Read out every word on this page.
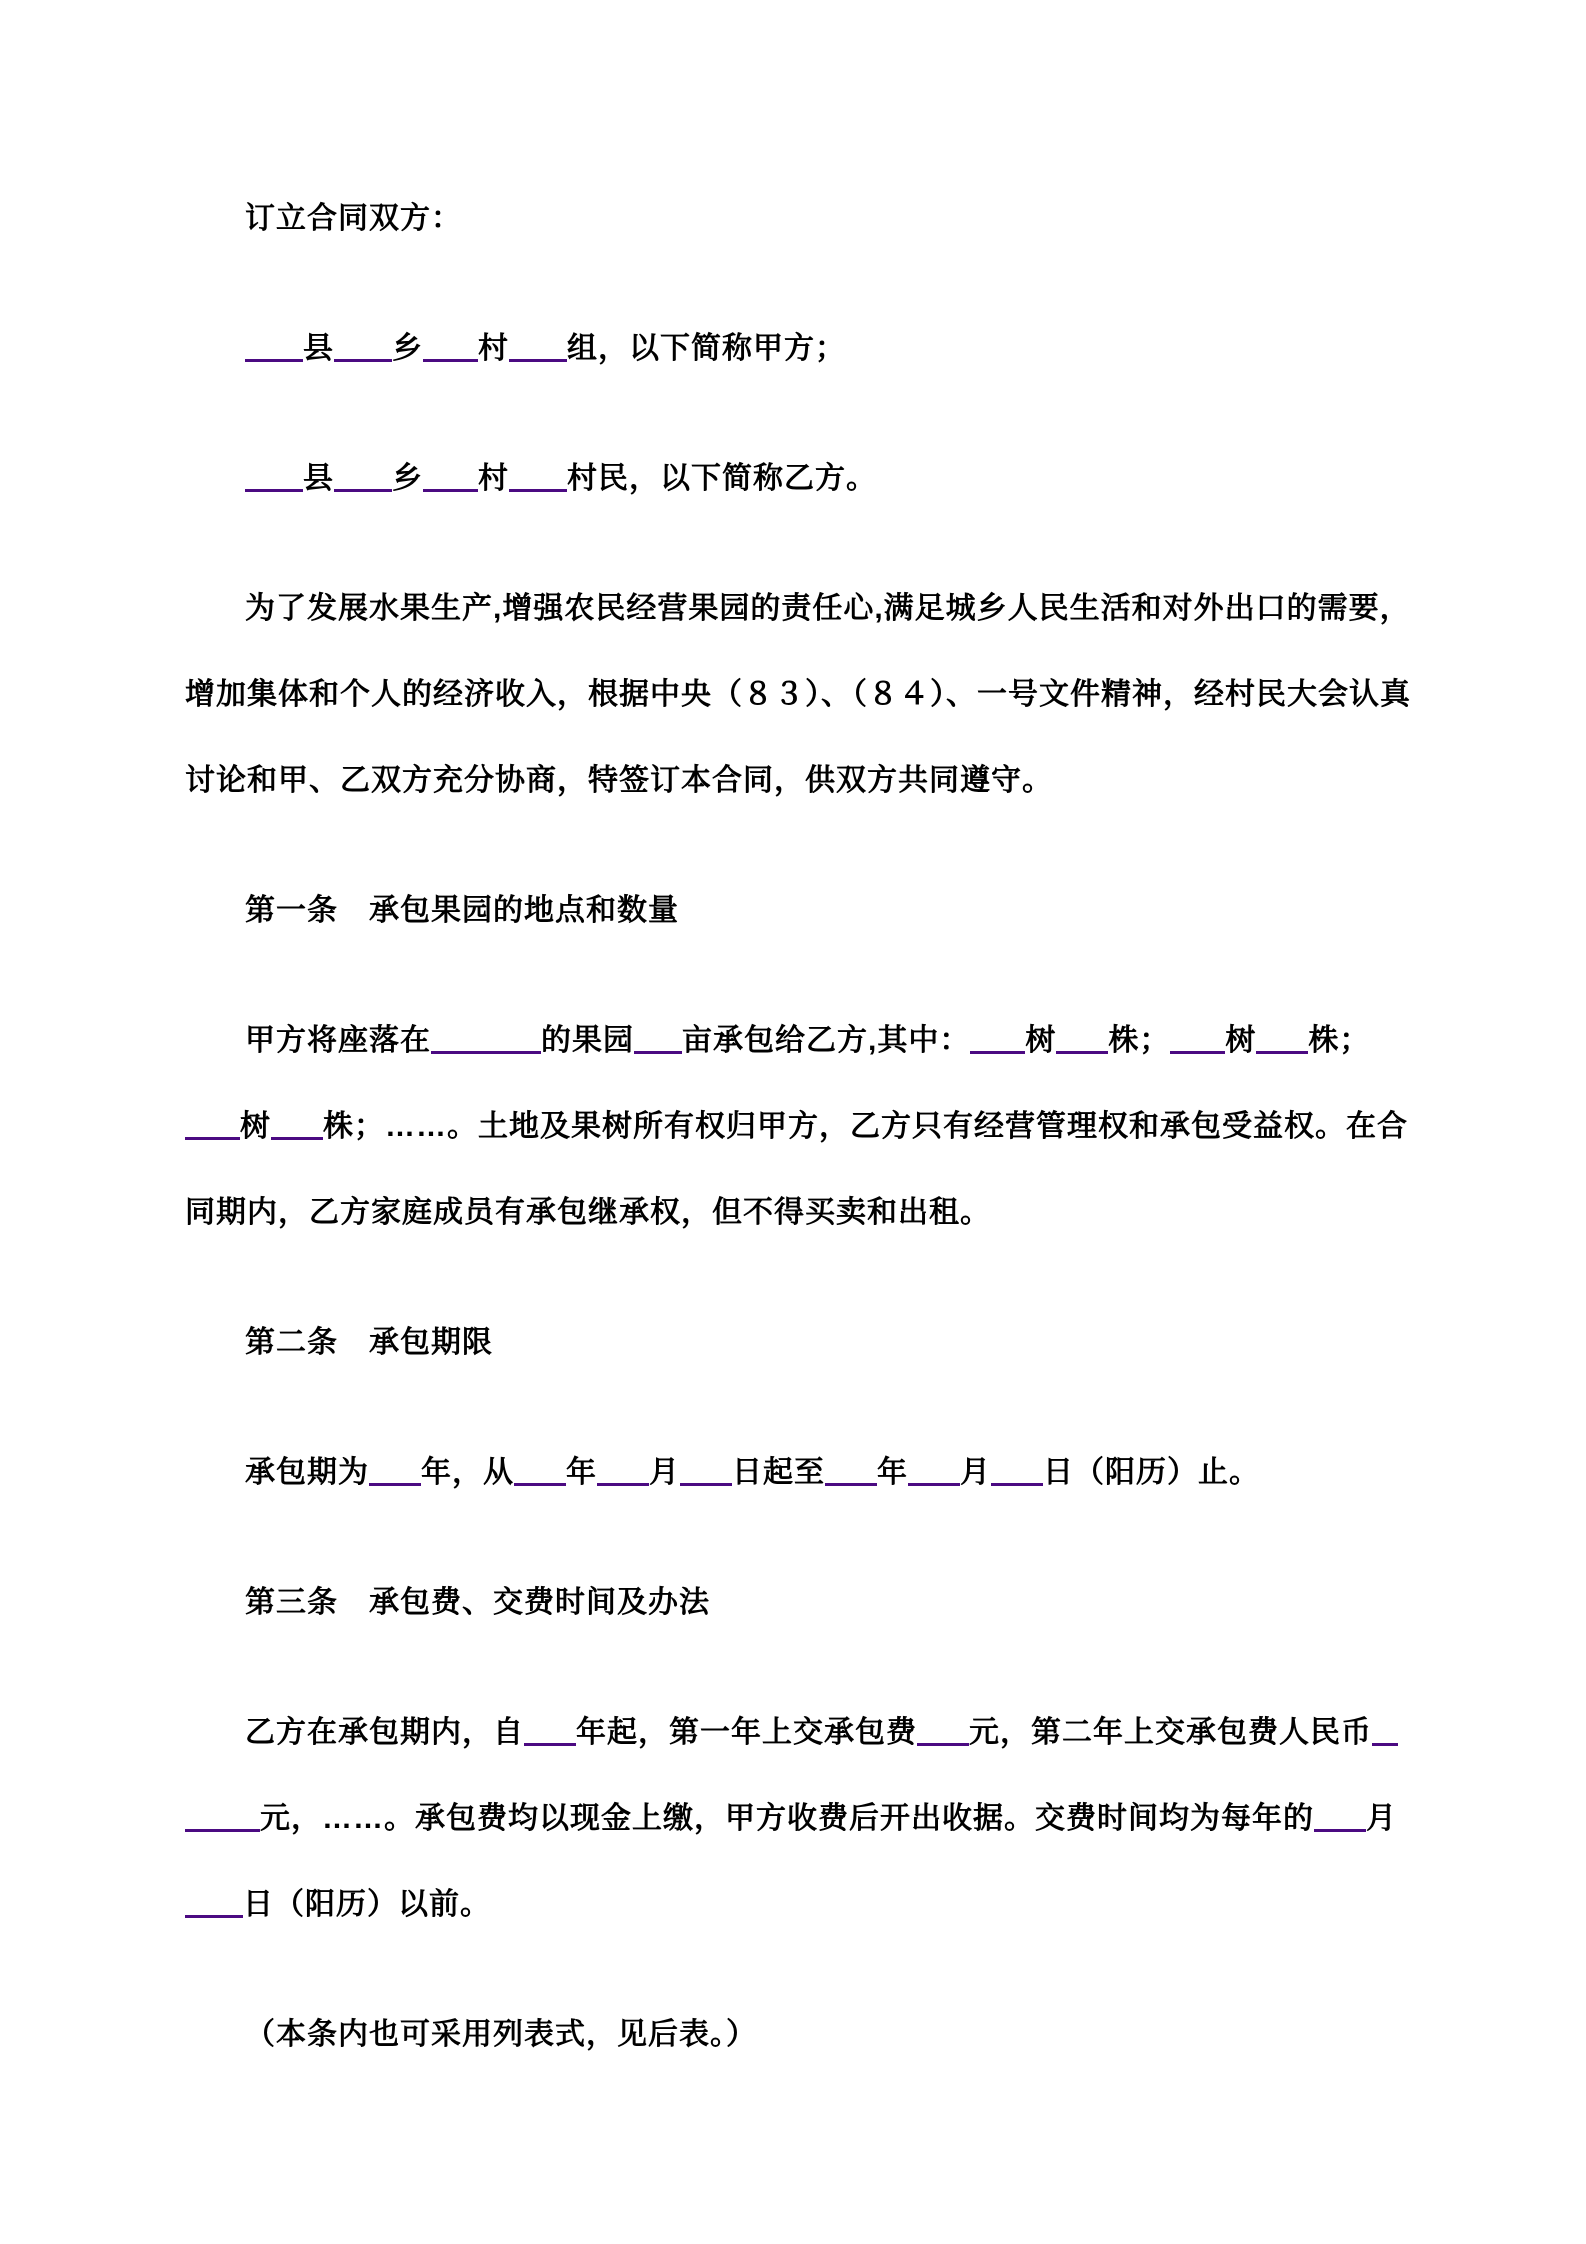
订立合同双方：

县 乡 村 组，以下简称甲方；

县 乡 村 村民，以下简称乙方。

为了发展水果生产,增强农民经营果园的责任心,满足城乡人民生活和对外出口的需要，
增加集体和个人的经济收入，根据中央（８３）、（８４）、一号文件精神，经村民大会认真
讨论和甲、乙双方充分协商，特签订本合同，供双方共同遵守。

第一条　承包果园的地点和数量

甲方将座落在	的果园 亩承包给乙方,其中： 树 株； 树 株；
树 株；……。土地及果树所有权归甲方，乙方只有经营管理权和承包受益权。在合
同期内，乙方家庭成员有承包继承权，但不得买卖和出租。

第二条　承包期限

承包期为 年，从 年 月 日起至 年 月 日（阳历）止。

第三条　承包费、交费时间及办法

乙方在承包期内，自 年起，第一年上交承包费 元，第二年上交承包费人民币
元，……。承包费均以现金上缴，甲方收费后开出收据。交费时间均为每年的 月
日（阳历）以前。

（本条内也可采用列表式，见后表。）
